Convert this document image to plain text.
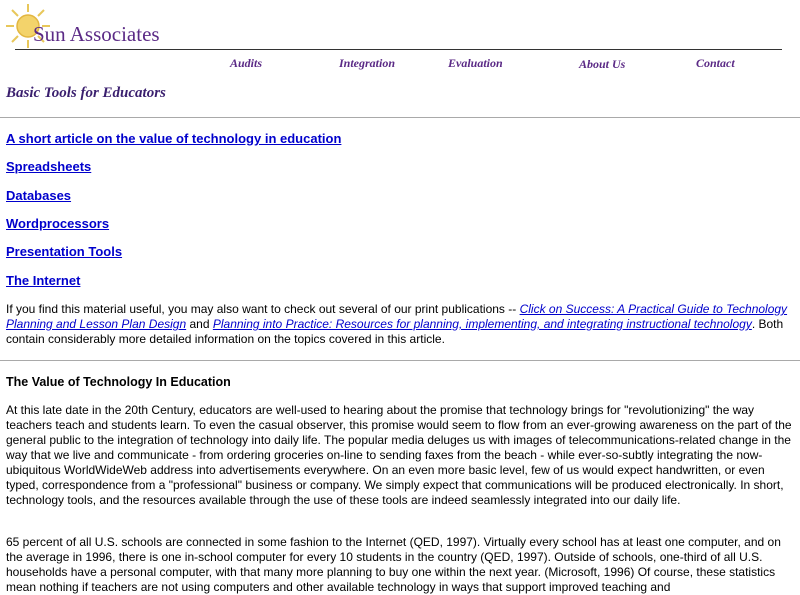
Sun Associates
Audits	Integration	Evaluation	About Us	Contact
Basic Tools for Educators
A short article on the value of technology in education
Spreadsheets
Databases
Wordprocessors
Presentation Tools
The Internet

If you find this material useful, you may also want to check out several of our print publications -- Click on Success: A Practical Guide to Technology Planning and Lesson Plan Design and Planning into Practice: Resources for planning, implementing, and integrating instructional technology. Both contain considerably more detailed information on the topics covered in this article.

The Value of Technology In Education

At this late date in the 20th Century, educators are well-used to hearing about the promise that technology brings for "revolutionizing" the way teachers teach and students learn. To even the casual observer, this promise would seem to flow from an ever-growing awareness on the part of the general public to the integration of technology into daily life. The popular media deluges us with images of telecommunications-related change in the way that we live and communicate - from ordering groceries on-line to sending faxes from the beach - while ever-so-subtly integrating the now-ubiquitous WorldWideWeb address into advertisements everywhere. On an even more basic level, few of us would expect handwritten, or even typed, correspondence from a "professional" business or company. We simply expect that communications will be produced electronically. In short, technology tools, and the resources available through the use of these tools are indeed seamlessly integrated into our daily life.

65 percent of all U.S. schools are connected in some fashion to the Internet (QED, 1997). Virtually every school has at least one computer, and on the average in 1996, there is one in-school computer for every 10 students in the country (QED, 1997). Outside of schools, one-third of all U.S. households have a personal computer, with that many more planning to buy one within the next year. (Microsoft, 1996) Of course, these statistics mean nothing if teachers are not using computers and other available technology in ways that support improved teaching and
